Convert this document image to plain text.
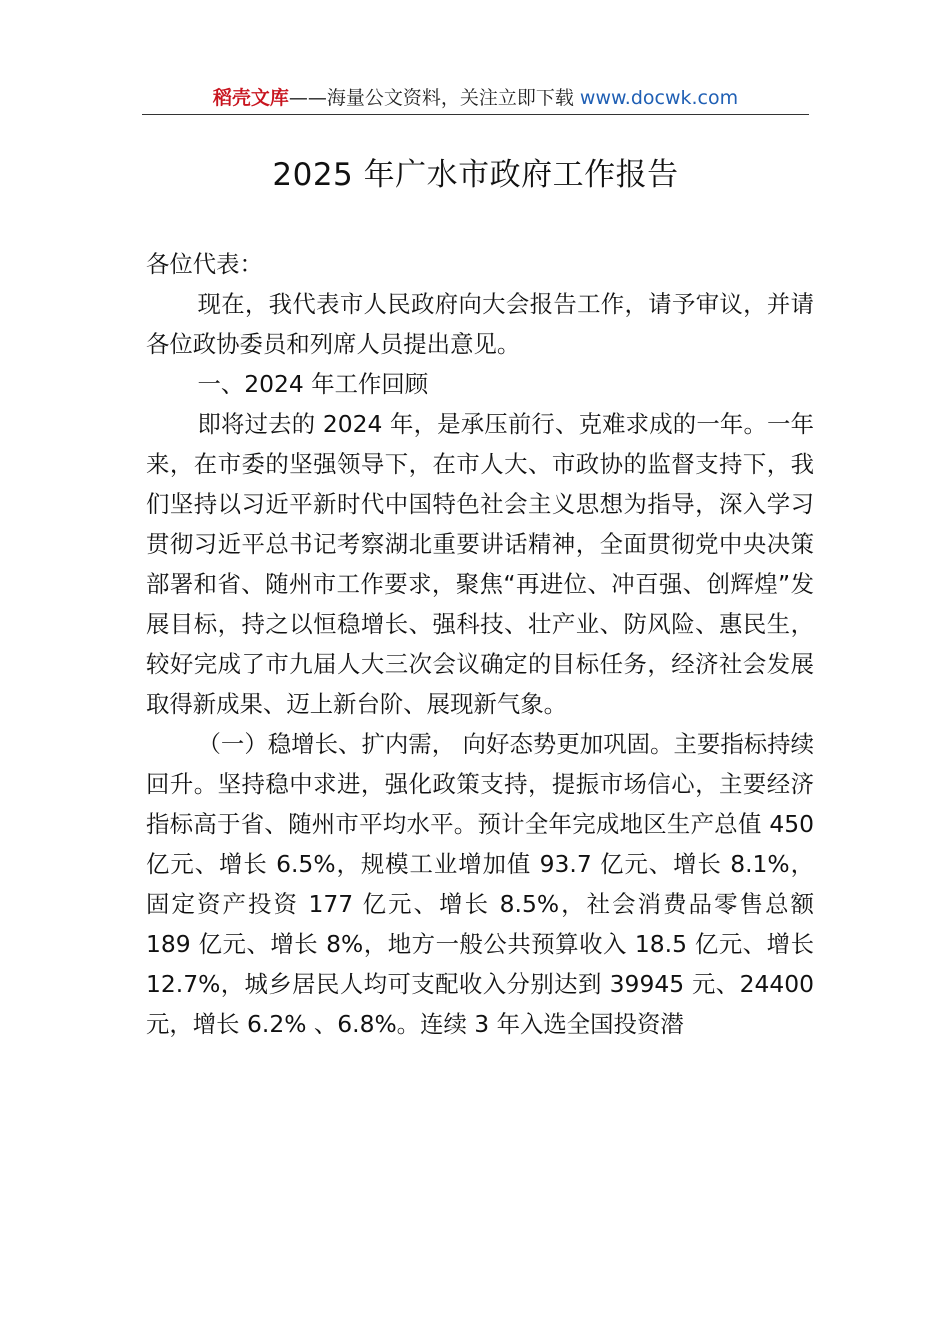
稻壳文库——海量公文资料，关注立即下载 www.docwk.com
2025 年广水市政府工作报告

各位代表：

现在，我代表市人民政府向大会报告工作，请予审议，并请各位政协委员和列席人员提出意见。

一、2024 年工作回顾

即将过去的 2024 年，是承压前行、克难求成的一年。一年来，在市委的坚强领导下，在市人大、市政协的监督支持下，我们坚持以习近平新时代中国特色社会主义思想为指导，深入学习贯彻习近平总书记考察湖北重要讲话精神，全面贯彻党中央决策部署和省、随州市工作要求，聚焦“再进位、冲百强、创辉煌”发展目标，持之以恒稳增长、强科技、壮产业、防风险、惠民生， 较好完成了市九届人大三次会议确定的目标任务，经济社会发展取得新成果、迈上新台阶、展现新气象。

（一）稳增长、扩内需， 向好态势更加巩固。主要指标持续回升。坚持稳中求进，强化政策支持，提振市场信心，主要经济指标高于省、随州市平均水平。预计全年完成地区生产总值 450 亿元、增长 6.5%，规模工业增加值 93.7 亿元、增长 8.1%，固定资产投资 177 亿元、增长 8.5%，社会消费品零售总额 189 亿元、增长 8%，地方一般公共预算收入 18.5 亿元、增长 12.7%，城乡居民人均可支配收入分别达到 39945 元、24400 元，增长 6.2% 、6.8%。连续 3 年入选全国投资潜
